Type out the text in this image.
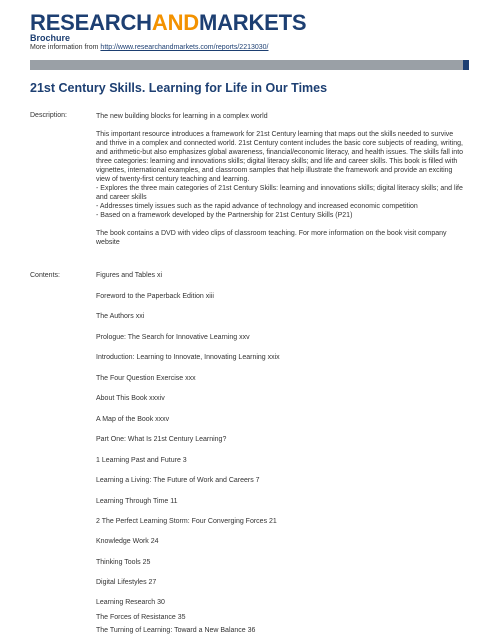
RESEARCHANDMARKETS
Brochure
More information from http://www.researchandmarkets.com/reports/2213030/
21st Century Skills. Learning for Life in Our Times
Description:	The new building blocks for learning in a complex world

This important resource introduces a framework for 21st Century learning that maps out the skills needed to survive and thrive in a complex and connected world. 21st Century content includes the basic core subjects of reading, writing, and arithmetic-but also emphasizes global awareness, financial/economic literacy, and health issues. The skills fall into three categories: learning and innovations skills; digital literacy skills; and life and career skills. This book is filled with vignettes, international examples, and classroom samples that help illustrate the framework and provide an exciting view of twenty-first century teaching and learning.

- Explores the three main categories of 21st Century Skills: learning and innovations skills; digital literacy skills; and life and career skills

- Addresses timely issues such as the rapid advance of technology and increased economic competition

- Based on a framework developed by the Partnership for 21st Century Skills (P21)

The book contains a DVD with video clips of classroom teaching. For more information on the book visit company website

Contents:	Figures and Tables xi
Foreword to the Paperback Edition xiii
The Authors xxi
Prologue: The Search for Innovative Learning xxv
Introduction: Learning to Innovate, Innovating Learning xxix
The Four Question Exercise xxx
About This Book xxxiv
A Map of the Book xxxv
Part One: What Is 21st Century Learning?
1 Learning Past and Future 3
Learning a Living: The Future of Work and Careers 7
Learning Through Time 11
2 The Perfect Learning Storm: Four Converging Forces 21
Knowledge Work 24
Thinking Tools 25
Digital Lifestyles 27
Learning Research 30
The Forces of Resistance 35
The Turning of Learning: Toward a New Balance 36
